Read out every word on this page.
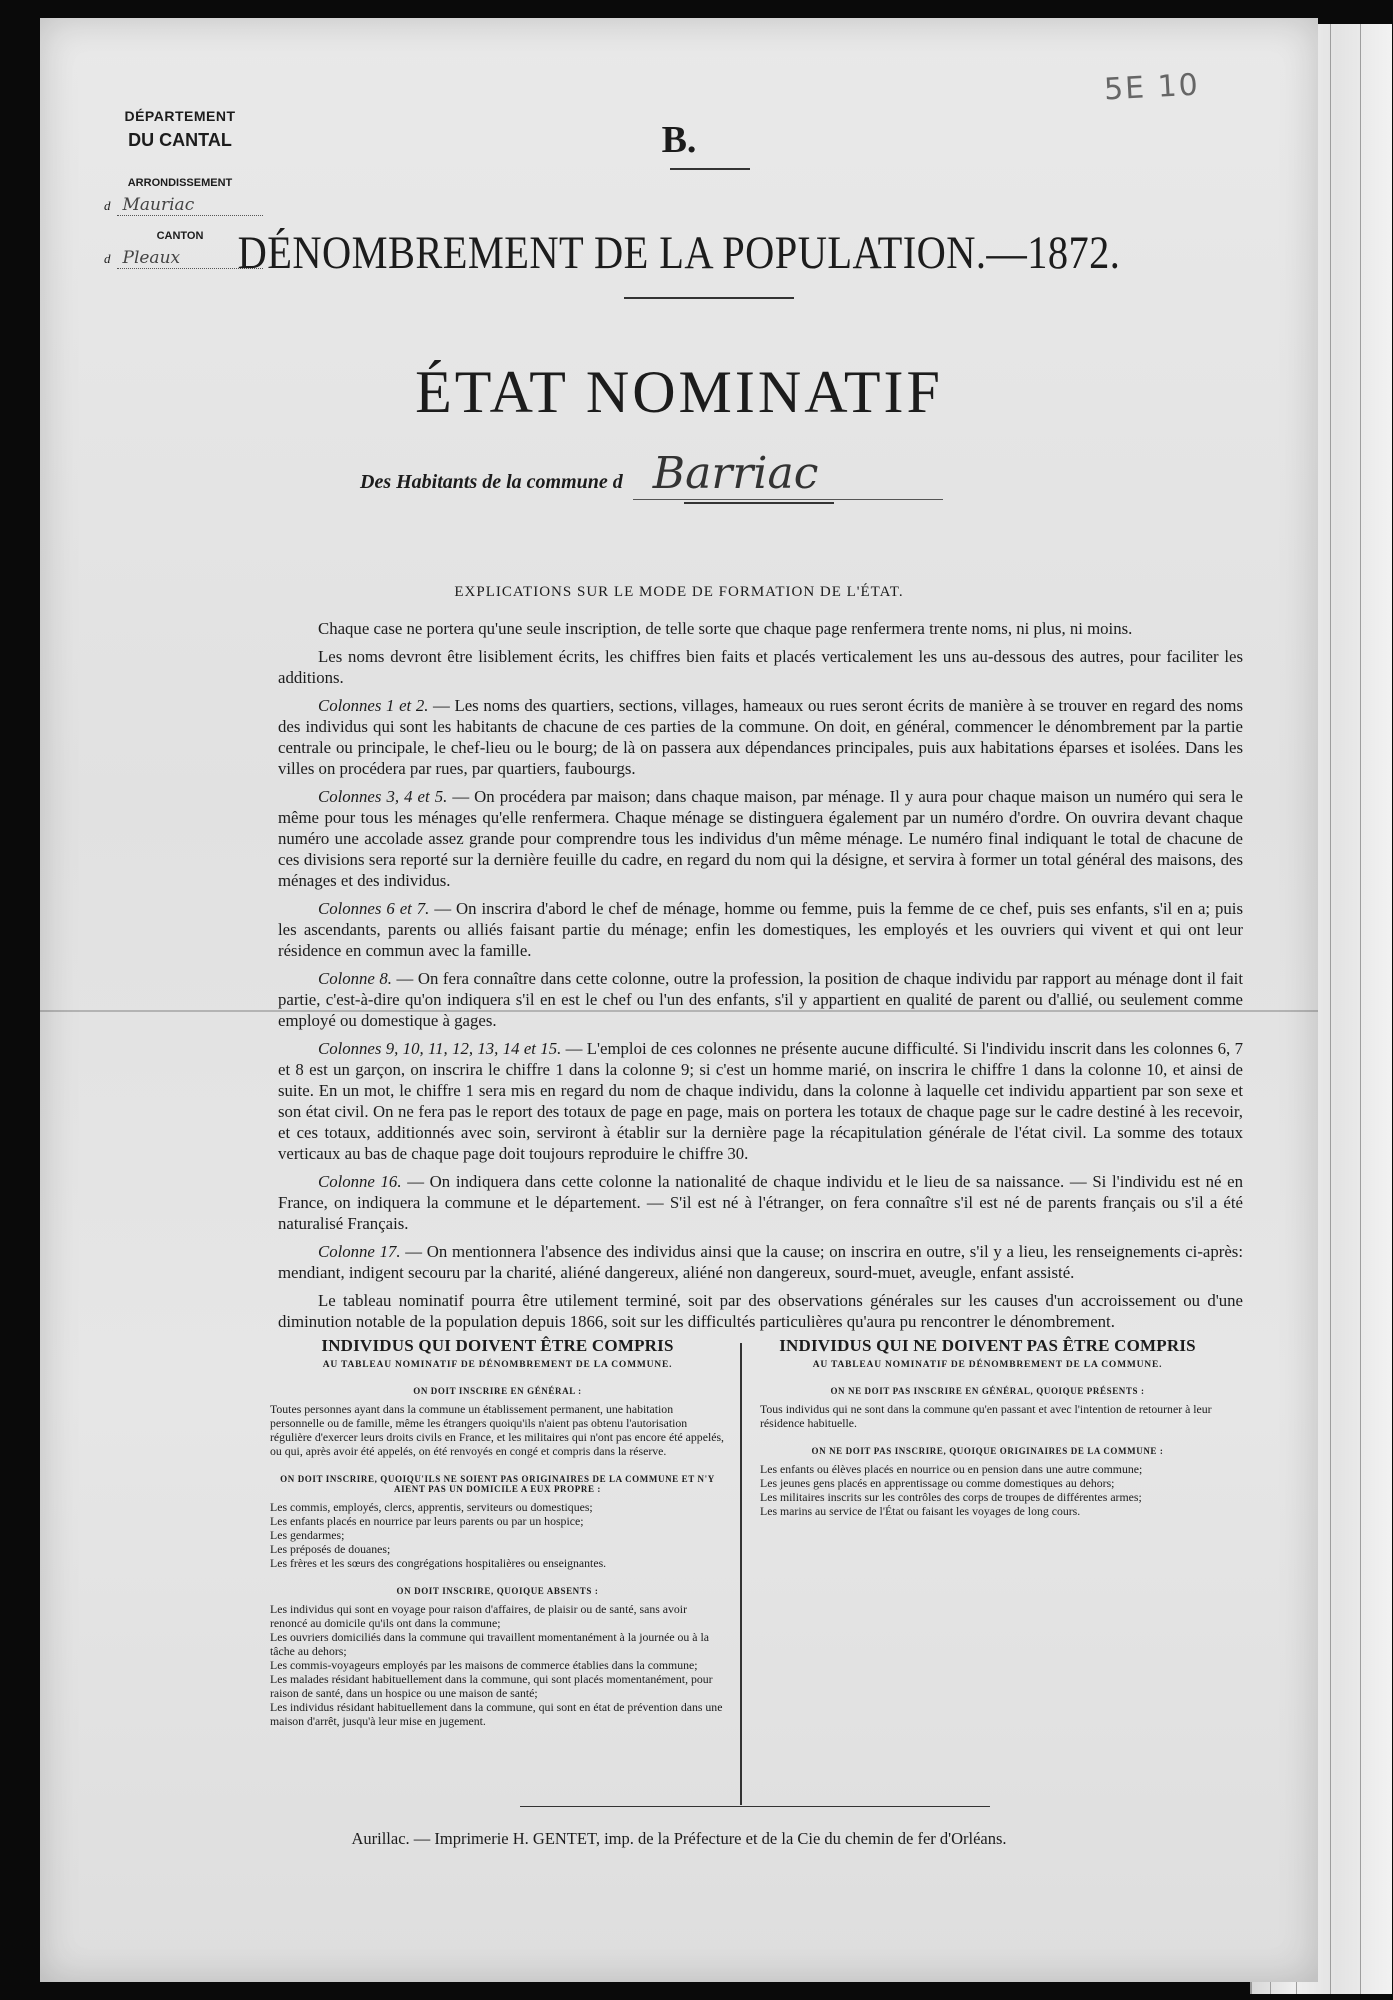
5E 10
DÉPARTEMENT
DU CANTAL
ARRONDISSEMENT
d Mauriac
CANTON
d Pleaux
B.
DÉNOMBREMENT DE LA POPULATION.—1872.
ÉTAT NOMINATIF
Des Habitants de la commune d Barriac
EXPLICATIONS SUR LE MODE DE FORMATION DE L'ÉTAT.

Chaque case ne portera qu'une seule inscription, de telle sorte que chaque page renfermera trente noms, ni plus, ni moins.

Les noms devront être lisiblement écrits, les chiffres bien faits et placés verticalement les uns au-dessous des autres, pour faciliter les additions.

Colonnes 1 et 2. — Les noms des quartiers, sections, villages, hameaux ou rues seront écrits de manière à se trouver en regard des noms des individus qui sont les habitants de chacune de ces parties de la commune. On doit, en général, commencer le dénombrement par la partie centrale ou principale, le chef-lieu ou le bourg; de là on passera aux dépendances principales, puis aux habitations éparses et isolées. Dans les villes on procédera par rues, par quartiers, faubourgs.

Colonnes 3, 4 et 5. — On procédera par maison; dans chaque maison, par ménage. Il y aura pour chaque maison un numéro qui sera le même pour tous les ménages qu'elle renfermera. Chaque ménage se distinguera également par un numéro d'ordre. On ouvrira devant chaque numéro une accolade assez grande pour comprendre tous les individus d'un même ménage. Le numéro final indiquant le total de chacune de ces divisions sera reporté sur la dernière feuille du cadre, en regard du nom qui la désigne, et servira à former un total général des maisons, des ménages et des individus.

Colonnes 6 et 7. — On inscrira d'abord le chef de ménage, homme ou femme, puis la femme de ce chef, puis ses enfants, s'il en a; puis les ascendants, parents ou alliés faisant partie du ménage; enfin les domestiques, les employés et les ouvriers qui vivent et qui ont leur résidence en commun avec la famille.

Colonne 8. — On fera connaître dans cette colonne, outre la profession, la position de chaque individu par rapport au ménage dont il fait partie, c'est-à-dire qu'on indiquera s'il en est le chef ou l'un des enfants, s'il y appartient en qualité de parent ou d'allié, ou seulement comme employé ou domestique à gages.

Colonnes 9, 10, 11, 12, 13, 14 et 15. — L'emploi de ces colonnes ne présente aucune difficulté. Si l'individu inscrit dans les colonnes 6, 7 et 8 est un garçon, on inscrira le chiffre 1 dans la colonne 9; si c'est un homme marié, on inscrira le chiffre 1 dans la colonne 10, et ainsi de suite. En un mot, le chiffre 1 sera mis en regard du nom de chaque individu, dans la colonne à laquelle cet individu appartient par son sexe et son état civil. On ne fera pas le report des totaux de page en page, mais on portera les totaux de chaque page sur le cadre destiné à les recevoir, et ces totaux, additionnés avec soin, serviront à établir sur la dernière page la récapitulation générale de l'état civil. La somme des totaux verticaux au bas de chaque page doit toujours reproduire le chiffre 30.

Colonne 16. — On indiquera dans cette colonne la nationalité de chaque individu et le lieu de sa naissance. — Si l'individu est né en France, on indiquera la commune et le département. — S'il est né à l'étranger, on fera connaître s'il est né de parents français ou s'il a été naturalisé Français.

Colonne 17. — On mentionnera l'absence des individus ainsi que la cause; on inscrira en outre, s'il y a lieu, les renseignements ci-après: mendiant, indigent secouru par la charité, aliéné dangereux, aliéné non dangereux, sourd-muet, aveugle, enfant assisté.

Le tableau nominatif pourra être utilement terminé, soit par des observations générales sur les causes d'un accroissement ou d'une diminution notable de la population depuis 1866, soit sur les difficultés particulières qu'aura pu rencontrer le dénombrement.

INDIVIDUS QUI DOIVENT ÊTRE COMPRIS
AU TABLEAU NOMINATIF DE DÉNOMBREMENT DE LA COMMUNE.
ON DOIT INSCRIRE EN GÉNÉRAL :
Toutes personnes ayant dans la commune un établissement permanent, une habitation personnelle ou de famille, même les étrangers quoiqu'ils n'aient pas obtenu l'autorisation régulière d'exercer leurs droits civils en France, et les militaires qui n'ont pas encore été appelés, ou qui, après avoir été appelés, on été renvoyés en congé et compris dans la réserve.
ON DOIT INSCRIRE, QUOIQU'ILS NE SOIENT PAS ORIGINAIRES DE LA COMMUNE ET N'Y AIENT PAS UN DOMICILE A EUX PROPRE :
Les commis, employés, clercs, apprentis, serviteurs ou domestiques;
Les enfants placés en nourrice par leurs parents ou par un hospice;
Les gendarmes;
Les préposés de douanes;
Les frères et les sœurs des congrégations hospitalières ou enseignantes.
ON DOIT INSCRIRE, QUOIQUE ABSENTS :
Les individus qui sont en voyage pour raison d'affaires, de plaisir ou de santé, sans avoir renoncé au domicile qu'ils ont dans la commune;
Les ouvriers domiciliés dans la commune qui travaillent momentanément à la journée ou à la tâche au dehors;
Les commis-voyageurs employés par les maisons de commerce établies dans la commune;
Les malades résidant habituellement dans la commune, qui sont placés momentanément, pour raison de santé, dans un hospice ou une maison de santé;
Les individus résidant habituellement dans la commune, qui sont en état de prévention dans une maison d'arrêt, jusqu'à leur mise en jugement.
INDIVIDUS QUI NE DOIVENT PAS ÊTRE COMPRIS
AU TABLEAU NOMINATIF DE DÉNOMBREMENT DE LA COMMUNE.
ON NE DOIT PAS INSCRIRE EN GÉNÉRAL, QUOIQUE PRÉSENTS :
Tous individus qui ne sont dans la commune qu'en passant et avec l'intention de retourner à leur résidence habituelle.
ON NE DOIT PAS INSCRIRE, QUOIQUE ORIGINAIRES DE LA COMMUNE :
Les enfants ou élèves placés en nourrice ou en pension dans une autre commune;
Les jeunes gens placés en apprentissage ou comme domestiques au dehors;
Les militaires inscrits sur les contrôles des corps de troupes de différentes armes;
Les marins au service de l'État ou faisant les voyages de long cours.
Aurillac. — Imprimerie H. GENTET, imp. de la Préfecture et de la Cie du chemin de fer d'Orléans.
